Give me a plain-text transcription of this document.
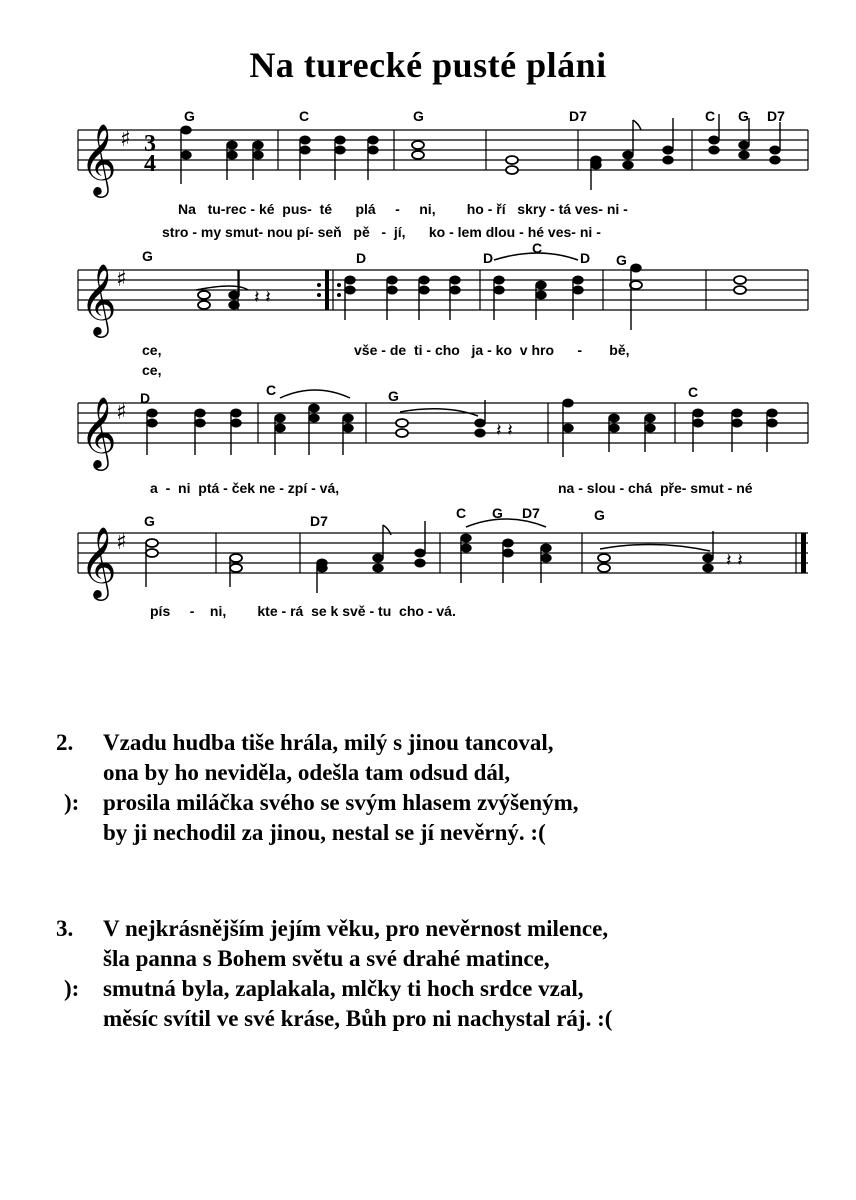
Na turecké pusté pláni
G	C	G	D7	C G D7
𝄞 ♯ 3
4
Na tu-rec - ké pus- té plá - ni, ho - ří skry - tá ves- ni -
stro - my smut- nou pí- seň pě - jí, ko - lem dlou - hé ves- ni -
G	D	D
C
D G
𝄞 ♯
𝄽 𝄽
ce,	vše - de ti - cho ja - ko v hro - bě,
ce,
D	C	G	C
𝄞 ♯
𝄽 𝄽
a - ni ptá - ček ne - zpí - vá,	na - slou - chá pře- smut - né
G	D7	C G D7	G
𝄞 ♯
𝄽 𝄽
pís - ni, kte - rá se k svě - tu cho - vá.
2. Vzadu hudba tiše hrála, milý s jinou tancoval,
ona by ho neviděla, odešla tam odsud dál,
): prosila miláčka svého se svým hlasem zvýšeným,
by ji nechodil za jinou, nestal se jí nevěrný. :(
3. V nejkrásnějším jejím věku, pro nevěrnost milence,
šla panna s Bohem světu a své drahé matince,
): smutná byla, zaplakala, mlčky ti hoch srdce vzal,
měsíc svítil ve své kráse, Bůh pro ni nachystal ráj. :(
